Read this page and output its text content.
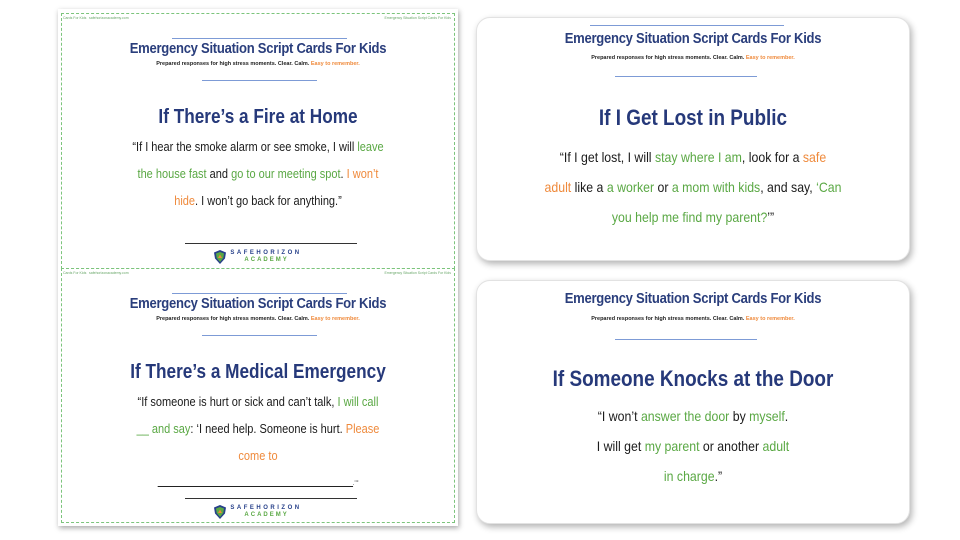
Cards For Kids safehorizonacademy.com	Emergency Situation Script Cards For Kids
Emergency Situation Script Cards For Kids
Prepared responses for high stress moments. Clear. Calm. Easy to remember.
If There’s a Fire at Home
“If I hear the smoke alarm or see smoke, I will leave
the house fast and go to our meeting spot. I won’t
hide. I won’t go back for anything.”
SAFEHORIZON
ACADEMY
Cards For Kids safehorizonacademy.com	Emergency Situation Script Cards For Kids
Emergency Situation Script Cards For Kids
Prepared responses for high stress moments. Clear. Calm. Easy to remember.
If There’s a Medical Emergency
“If someone is hurt or sick and can’t talk, I will call
__ and say: ‘I need help. Someone is hurt. Please
come to
.’’”
SAFEHORIZON
ACADEMY
Emergency Situation Script Cards For Kids
Prepared responses for high stress moments. Clear. Calm. Easy to remember.
If I Get Lost in Public
“If I get lost, I will stay where I am, look for a safe
adult like a a worker or a mom with kids, and say, ‘Can
you help me find my parent?’”
Emergency Situation Script Cards For Kids
Prepared responses for high stress moments. Clear. Calm. Easy to remember.
If Someone Knocks at the Door
“I won’t answer the door by myself.
I will get my parent or another adult
in charge.”
